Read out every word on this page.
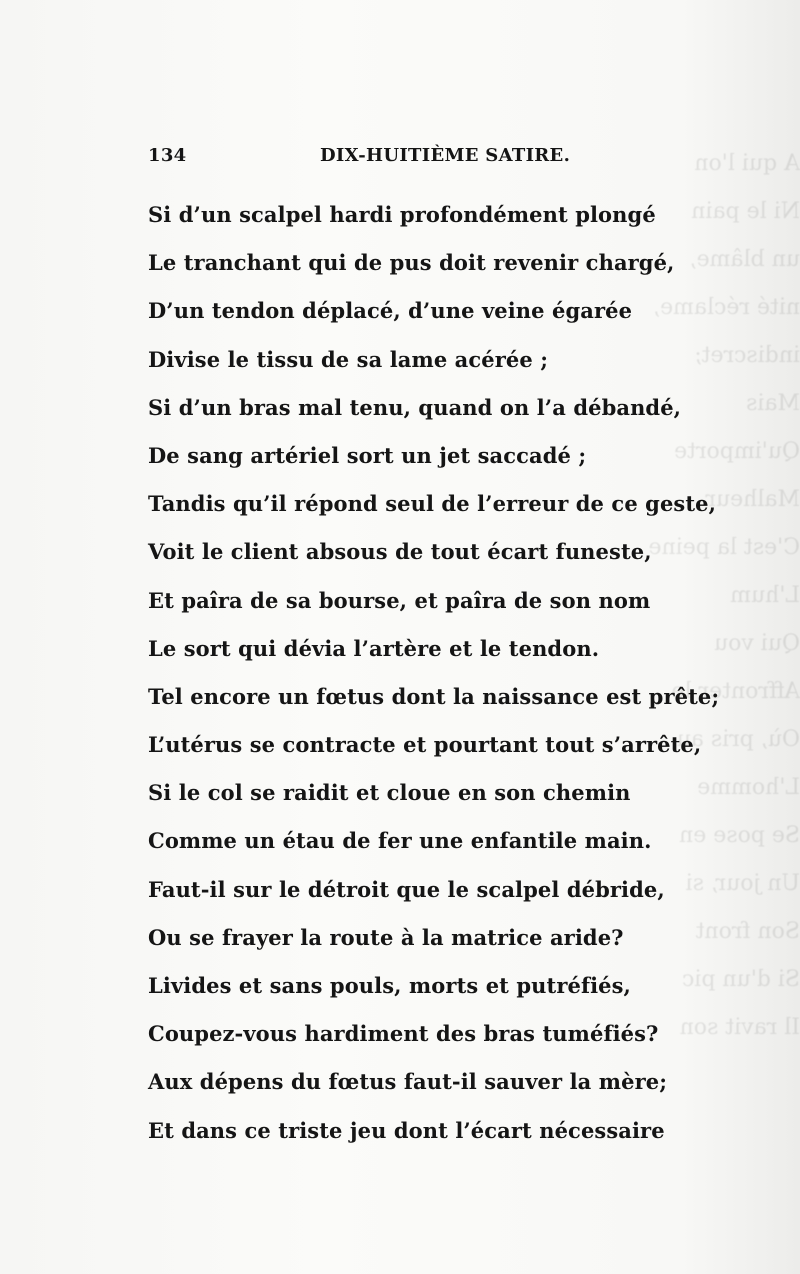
A qui l'on
Ni le pain
un blâme,
nité réclame,
indiscret;
Mais
Qu'importe
Malheur
C'est la peine
L'hum
Qui vou
Affronter le
Où, pris au
L'homme
Se pose en
Un jour, si
Son front
Si d'un pic
Il ravit son
134	DIX-HUITIÈME SATIRE.
Si d’un scalpel hardi profondément plongé
Le tranchant qui de pus doit revenir chargé,
D’un tendon déplacé, d’une veine égarée
Divise le tissu de sa lame acérée ;
Si d’un bras mal tenu, quand on l’a débandé,
De sang artériel sort un jet saccadé ;
Tandis qu’il répond seul de l’erreur de ce geste,
Voit le client absous de tout écart funeste,
Et paîra de sa bourse, et paîra de son nom
Le sort qui dévia l’artère et le tendon.
Tel encore un fœtus dont la naissance est prête;
L’utérus se contracte et pourtant tout s’arrête,
Si le col se raidit et cloue en son chemin
Comme un étau de fer une enfantile main.
Faut-il sur le détroit que le scalpel débride,
Ou se frayer la route à la matrice aride?
Livides et sans pouls, morts et putréfiés,
Coupez-vous hardiment des bras tuméfiés?
Aux dépens du fœtus faut-il sauver la mère;
Et dans ce triste jeu dont l’écart nécessaire
